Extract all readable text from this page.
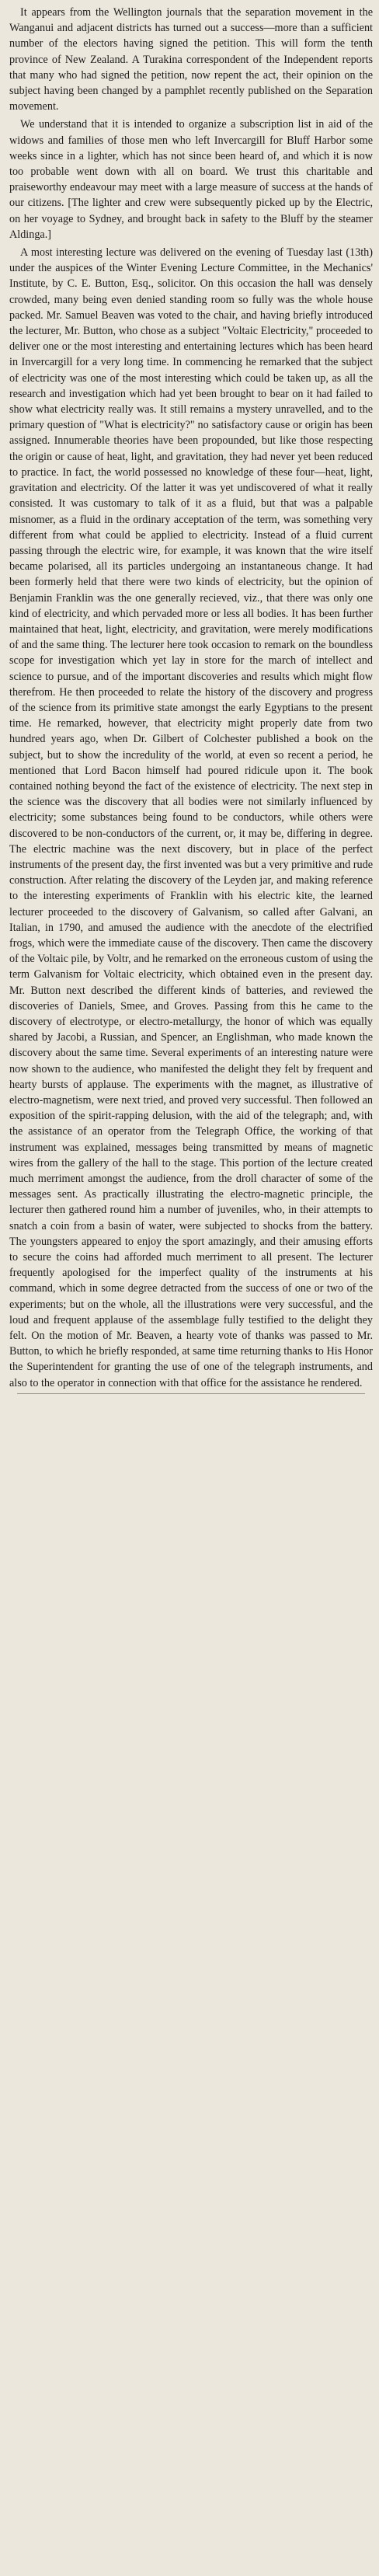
It appears from the Wellington journals that the separation movement in the Wanganui and adjacent districts has turned out a success—more than a sufficient number of the electors having signed the petition. This will form the tenth province of New Zealand. A Turakina correspondent of the Independent reports that many who had signed the petition, now repent the act, their opinion on the subject having been changed by a pamphlet recently published on the Separation movement.

We understand that it is intended to organize a subscription list in aid of the widows and families of those men who left Invercargill for Bluff Harbor some weeks since in a lighter, which has not since been heard of, and which it is now too probable went down with all on board. We trust this charitable and praiseworthy endeavour may meet with a large measure of success at the hands of our citizens. [The lighter and crew were subsequently picked up by the Electric, on her voyage to Sydney, and brought back in safety to the Bluff by the steamer Aldinga.]

A most interesting lecture was delivered on the evening of Tuesday last (13th) under the auspices of the Winter Evening Lecture Committee, in the Mechanics' Institute, by C. E. Button, Esq., solicitor. On this occasion the hall was densely crowded, many being even denied standing room so fully was the whole house packed. Mr. Samuel Beaven was voted to the chair, and having briefly introduced the lecturer, Mr. Button, who chose as a subject "Voltaic Electricity," proceeded to deliver one or the most interesting and entertaining lectures which has been heard in Invercargill for a very long time. In commencing he remarked that the subject of electricity was one of the most interesting which could be taken up, as all the research and investigation which had yet been brought to bear on it had failed to show what electricity really was. It still remains a mystery unravelled, and to the primary question of "What is electricity?" no satisfactory cause or origin has been assigned. Innumerable theories have been propounded, but like those respecting the origin or cause of heat, light, and gravitation, they had never yet been reduced to practice. In fact, the world possessed no knowledge of these four—heat, light, gravitation and electricity. Of the latter it was yet undiscovered of what it really consisted. It was customary to talk of it as a fluid, but that was a palpable misnomer, as a fluid in the ordinary acceptation of the term, was something very different from what could be applied to electricity. Instead of a fluid current passing through the electric wire, for example, it was known that the wire itself became polarised, all its particles undergoing an instantaneous change. It had been formerly held that there were two kinds of electricity, but the opinion of Benjamin Franklin was the one generally recieved, viz., that there was only one kind of electricity, and which pervaded more or less all bodies. It has been further maintained that heat, light, electricity, and gravitation, were merely modifications of and the same thing. The lecturer here took occasion to remark on the boundless scope for investigation which yet lay in store for the march of intellect and science to pursue, and of the important discoveries and results which might flow therefrom. He then proceeded to relate the history of the discovery and progress of the science from its primitive state amongst the early Egyptians to the present time. He remarked, however, that electricity might properly date from two hundred years ago, when Dr. Gilbert of Colchester published a book on the subject, but to show the incredulity of the world, at even so recent a period, he mentioned that Lord Bacon himself had poured ridicule upon it. The book contained nothing beyond the fact of the existence of electricity. The next step in the science was the discovery that all bodies were not similarly influenced by electricity; some substances being found to be conductors, while others were discovered to be non-conductors of the current, or, it may be, differing in degree. The electric machine was the next discovery, but in place of the perfect instruments of the present day, the first invented was but a very primitive and rude construction. After relating the discovery of the Leyden jar, and making reference to the interesting experiments of Franklin with his electric kite, the learned lecturer proceeded to the discovery of Galvanism, so called after Galvani, an Italian, in 1790, and amused the audience with the anecdote of the electrified frogs, which were the immediate cause of the discovery. Then came the discovery of the Voltaic pile, by Voltr, and he remarked on the erroneous custom of using the term Galvanism for Voltaic electricity, which obtained even in the present day. Mr. Button next described the different kinds of batteries, and reviewed the discoveries of Daniels, Smee, and Groves. Passing from this he came to the discovery of electrotype, or electro-metallurgy, the honor of which was equally shared by Jacobi, a Russian, and Spencer, an Englishman, who made known the discovery about the same time. Several experiments of an interesting nature were now shown to the audience, who manifested the delight they felt by frequent and hearty bursts of applause. The experiments with the magnet, as illustrative of electro-magnetism, were next tried, and proved very successful. Then followed an exposition of the spirit-rapping delusion, with the aid of the telegraph; and, with the assistance of an operator from the Telegraph Office, the working of that instrument was explained, messages being transmitted by means of magnetic wires from the gallery of the hall to the stage. This portion of the lecture created much merriment amongst the audience, from the droll character of some of the messages sent. As practically illustrating the electro-magnetic principle, the lecturer then gathered round him a number of juveniles, who, in their attempts to snatch a coin from a basin of water, were subjected to shocks from the battery. The youngsters appeared to enjoy the sport amazingly, and their amusing efforts to secure the coins had afforded much merriment to all present. The lecturer frequently apologised for the imperfect quality of the instruments at his command, which in some degree detracted from the success of one or two of the experiments; but on the whole, all the illustrations were very successful, and the loud and frequent applause of the assemblage fully testified to the delight they felt. On the motion of Mr. Beaven, a hearty vote of thanks was passed to Mr. Button, to which he briefly responded, at same time returning thanks to His Honor the Superintendent for granting the use of one of the telegraph instruments, and also to the operator in connection with that office for the assistance he rendered.
